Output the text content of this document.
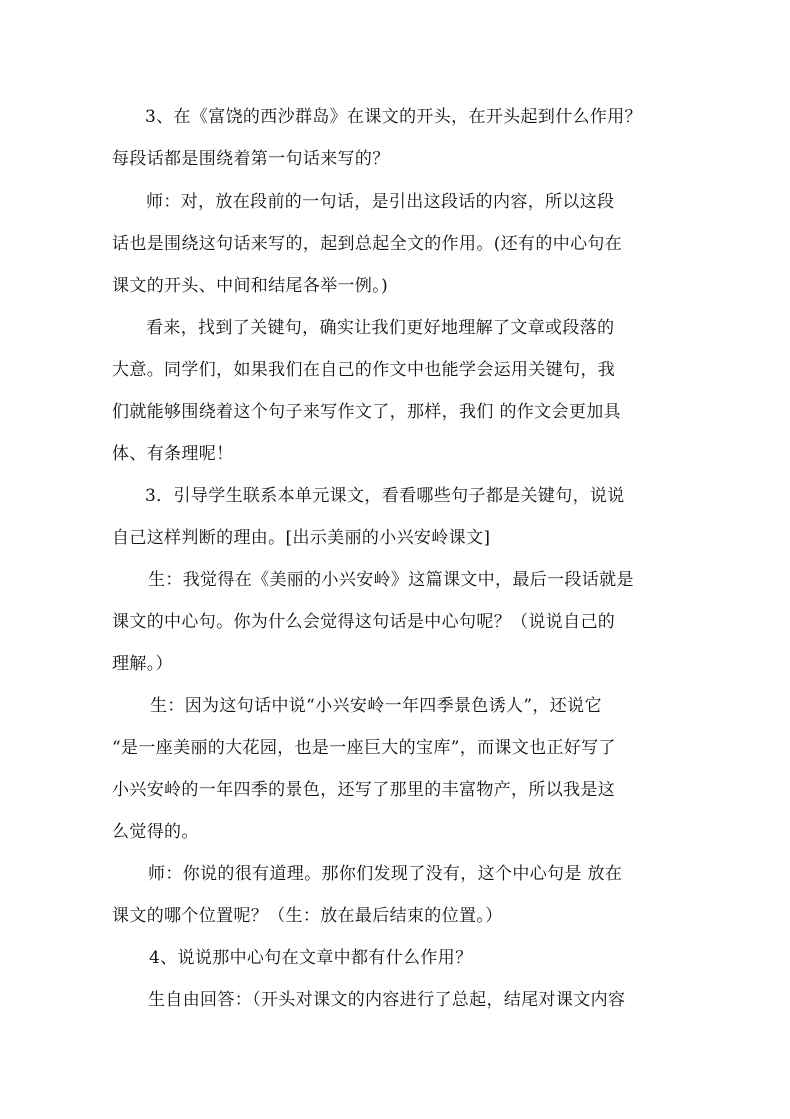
3、在《富饶的西沙群岛》在课文的开头，在开头起到什么作用？
每段话都是围绕着第一句话来写的？
师：对，放在段前的一句话，是引出这段话的内容，所以这段
话也是围绕这句话来写的，起到总起全文的作用。(还有的中心句在
课文的开头、中间和结尾各举一例。)
看来，找到了关键句，确实让我们更好地理解了文章或段落的
大意。同学们，如果我们在自己的作文中也能学会运用关键句，我
们就能够围绕着这个句子来写作文了，那样，我们 的作文会更加具
体、有条理呢！
3．引导学生联系本单元课文，看看哪些句子都是关键句，说说
自己这样判断的理由。[出示美丽的小兴安岭课文]
生：我觉得在《美丽的小兴安岭》这篇课文中，最后一段话就是
课文的中心句。你为什么会觉得这句话是中心句呢？（说说自己的
理解。）
生：因为这句话中说“小兴安岭一年四季景色诱人”，还说它
“是一座美丽的大花园，也是一座巨大的宝库”，而课文也正好写了
小兴安岭的一年四季的景色，还写了那里的丰富物产，所以我是这
么觉得的。
师：你说的很有道理。那你们发现了没有，这个中心句是 放在
课文的哪个位置呢？（生：放在最后结束的位置。）
4、说说那中心句在文章中都有什么作用？
生自由回答：（开头对课文的内容进行了总起，结尾对课文内容
